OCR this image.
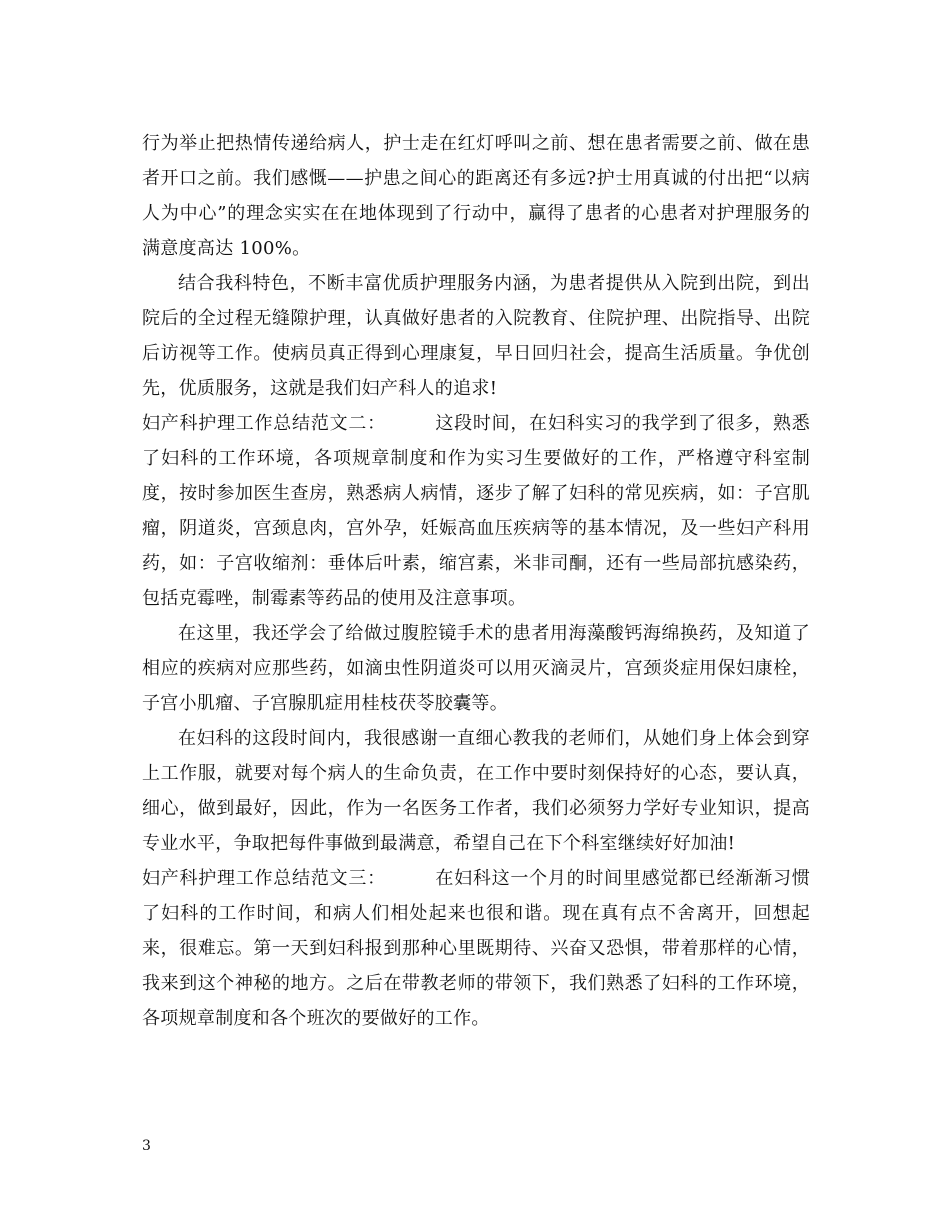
行为举止把热情传递给病人，护士走在红灯呼叫之前、想在患者需要之前、做在患者开口之前。我们感慨——护患之间心的距离还有多远?护士用真诚的付出把“以病人为中心”的理念实实在在地体现到了行动中，赢得了患者的心患者对护理服务的满意度高达 100%。

结合我科特色，不断丰富优质护理服务内涵，为患者提供从入院到出院，到出院后的全过程无缝隙护理，认真做好患者的入院教育、住院护理、出院指导、出院后访视等工作。使病员真正得到心理康复，早日回归社会，提高生活质量。争优创先，优质服务，这就是我们妇产科人的追求!

妇产科护理工作总结范文二：	这段时间，在妇科实习的我学到了很多，熟悉了妇科的工作环境，各项规章制度和作为实习生要做好的工作，严格遵守科室制度，按时参加医生查房，熟悉病人病情，逐步了解了妇科的常见疾病，如：子宫肌瘤，阴道炎，宫颈息肉，宫外孕，妊娠高血压疾病等的基本情况，及一些妇产科用药，如：子宫收缩剂：垂体后叶素，缩宫素，米非司酮，还有一些局部抗感染药，包括克霉唑，制霉素等药品的使用及注意事项。

在这里，我还学会了给做过腹腔镜手术的患者用海藻酸钙海绵换药，及知道了相应的疾病对应那些药，如滴虫性阴道炎可以用灭滴灵片，宫颈炎症用保妇康栓，子宫小肌瘤、子宫腺肌症用桂枝茯苓胶囊等。

在妇科的这段时间内，我很感谢一直细心教我的老师们，从她们身上体会到穿上工作服，就要对每个病人的生命负责，在工作中要时刻保持好的心态，要认真，细心，做到最好，因此，作为一名医务工作者，我们必须努力学好专业知识，提高专业水平，争取把每件事做到最满意，希望自己在下个科室继续好好加油!

妇产科护理工作总结范文三：	在妇科这一个月的时间里感觉都已经渐渐习惯了妇科的工作时间，和病人们相处起来也很和谐。现在真有点不舍离开，回想起来，很难忘。第一天到妇科报到那种心里既期待、兴奋又恐惧，带着那样的心情，我来到这个神秘的地方。之后在带教老师的带领下，我们熟悉了妇科的工作环境，各项规章制度和各个班次的要做好的工作。

3
